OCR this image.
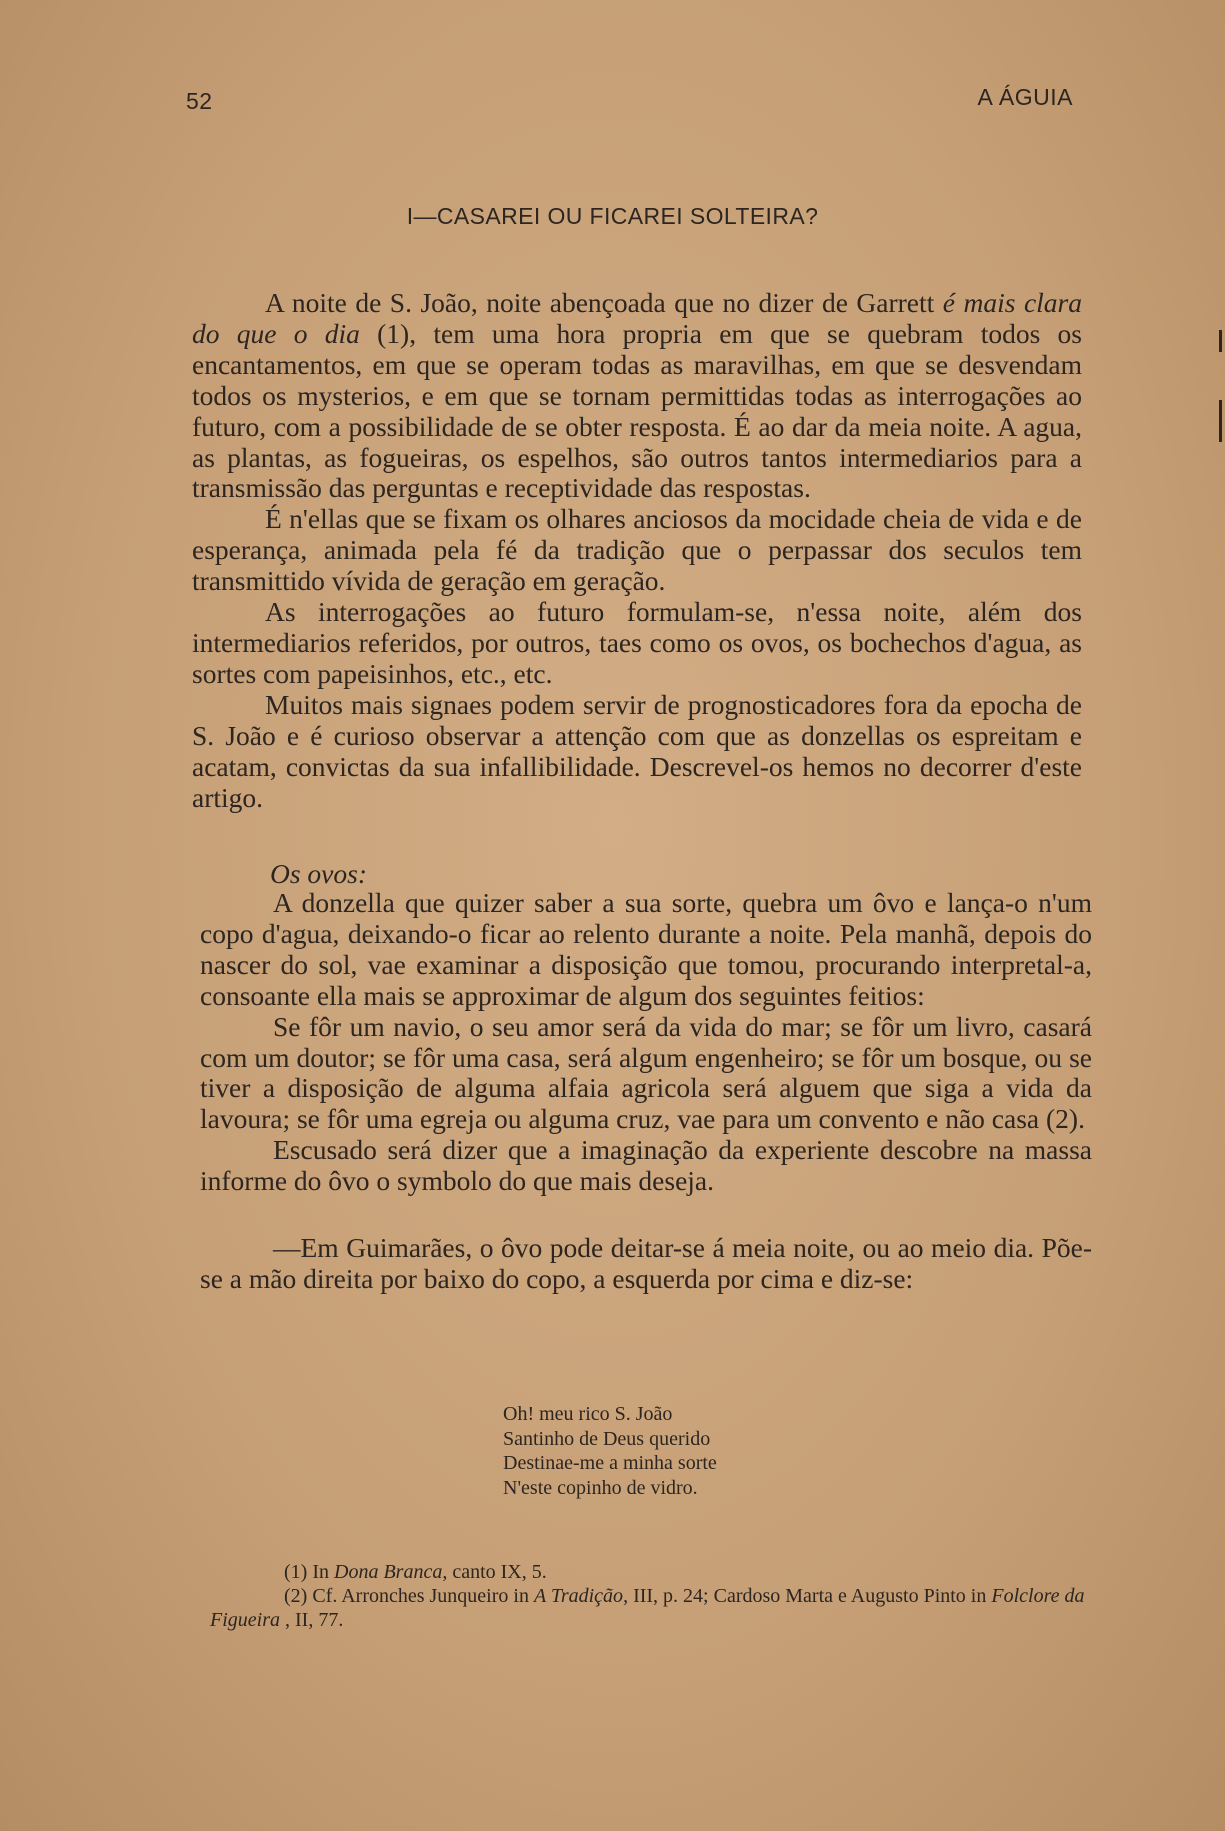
52	A ÁGUIA
I—CASAREI OU FICAREI SOLTEIRA?

A noite de S. João, noite abençoada que no dizer de Garrett é mais clara do que o dia (1), tem uma hora propria em que se quebram todos os encantamentos, em que se operam todas as maravilhas, em que se desvendam todos os mysterios, e em que se tornam permittidas todas as interrogações ao futuro, com a possibilidade de se obter resposta. É ao dar da meia noite. A agua, as plantas, as fogueiras, os espelhos, são outros tantos intermediarios para a transmissão das perguntas e receptividade das respostas.

É n'ellas que se fixam os olhares anciosos da mocidade cheia de vida e de esperança, animada pela fé da tradição que o perpassar dos seculos tem transmittido vívida de geração em geração.

As interrogações ao futuro formulam-se, n'essa noite, além dos intermediarios referidos, por outros, taes como os ovos, os bochechos d'agua, as sortes com papeisinhos, etc., etc.

Muitos mais signaes podem servir de prognosticadores fora da epocha de S. João e é curioso observar a attenção com que as donzellas os espreitam e acatam, convictas da sua infallibilidade. Descrevel-os hemos no decorrer d'este artigo.

Os ovos:

A donzella que quizer saber a sua sorte, quebra um ôvo e lança-o n'um copo d'agua, deixando-o ficar ao relento durante a noite. Pela manhã, depois do nascer do sol, vae examinar a disposição que tomou, procurando interpretal-a, consoante ella mais se approximar de algum dos seguintes feitios:

Se fôr um navio, o seu amor será da vida do mar; se fôr um livro, casará com um doutor; se fôr uma casa, será algum engenheiro; se fôr um bosque, ou se tiver a disposição de alguma alfaia agricola será alguem que siga a vida da lavoura; se fôr uma egreja ou alguma cruz, vae para um convento e não casa (2).

Escusado será dizer que a imaginação da experiente descobre na massa informe do ôvo o symbolo do que mais deseja.

—Em Guimarães, o ôvo pode deitar-se á meia noite, ou ao meio dia. Põe-se a mão direita por baixo do copo, a esquerda por cima e diz-se:

Oh! meu rico S. João
Santinho de Deus querido
Destinae-me a minha sorte
N'este copinho de vidro.

(1) In Dona Branca, canto IX, 5.

(2) Cf. Arronches Junqueiro in A Tradição, III, p. 24; Cardoso Marta e Augusto Pinto in Folclore da Figueira , II, 77.
